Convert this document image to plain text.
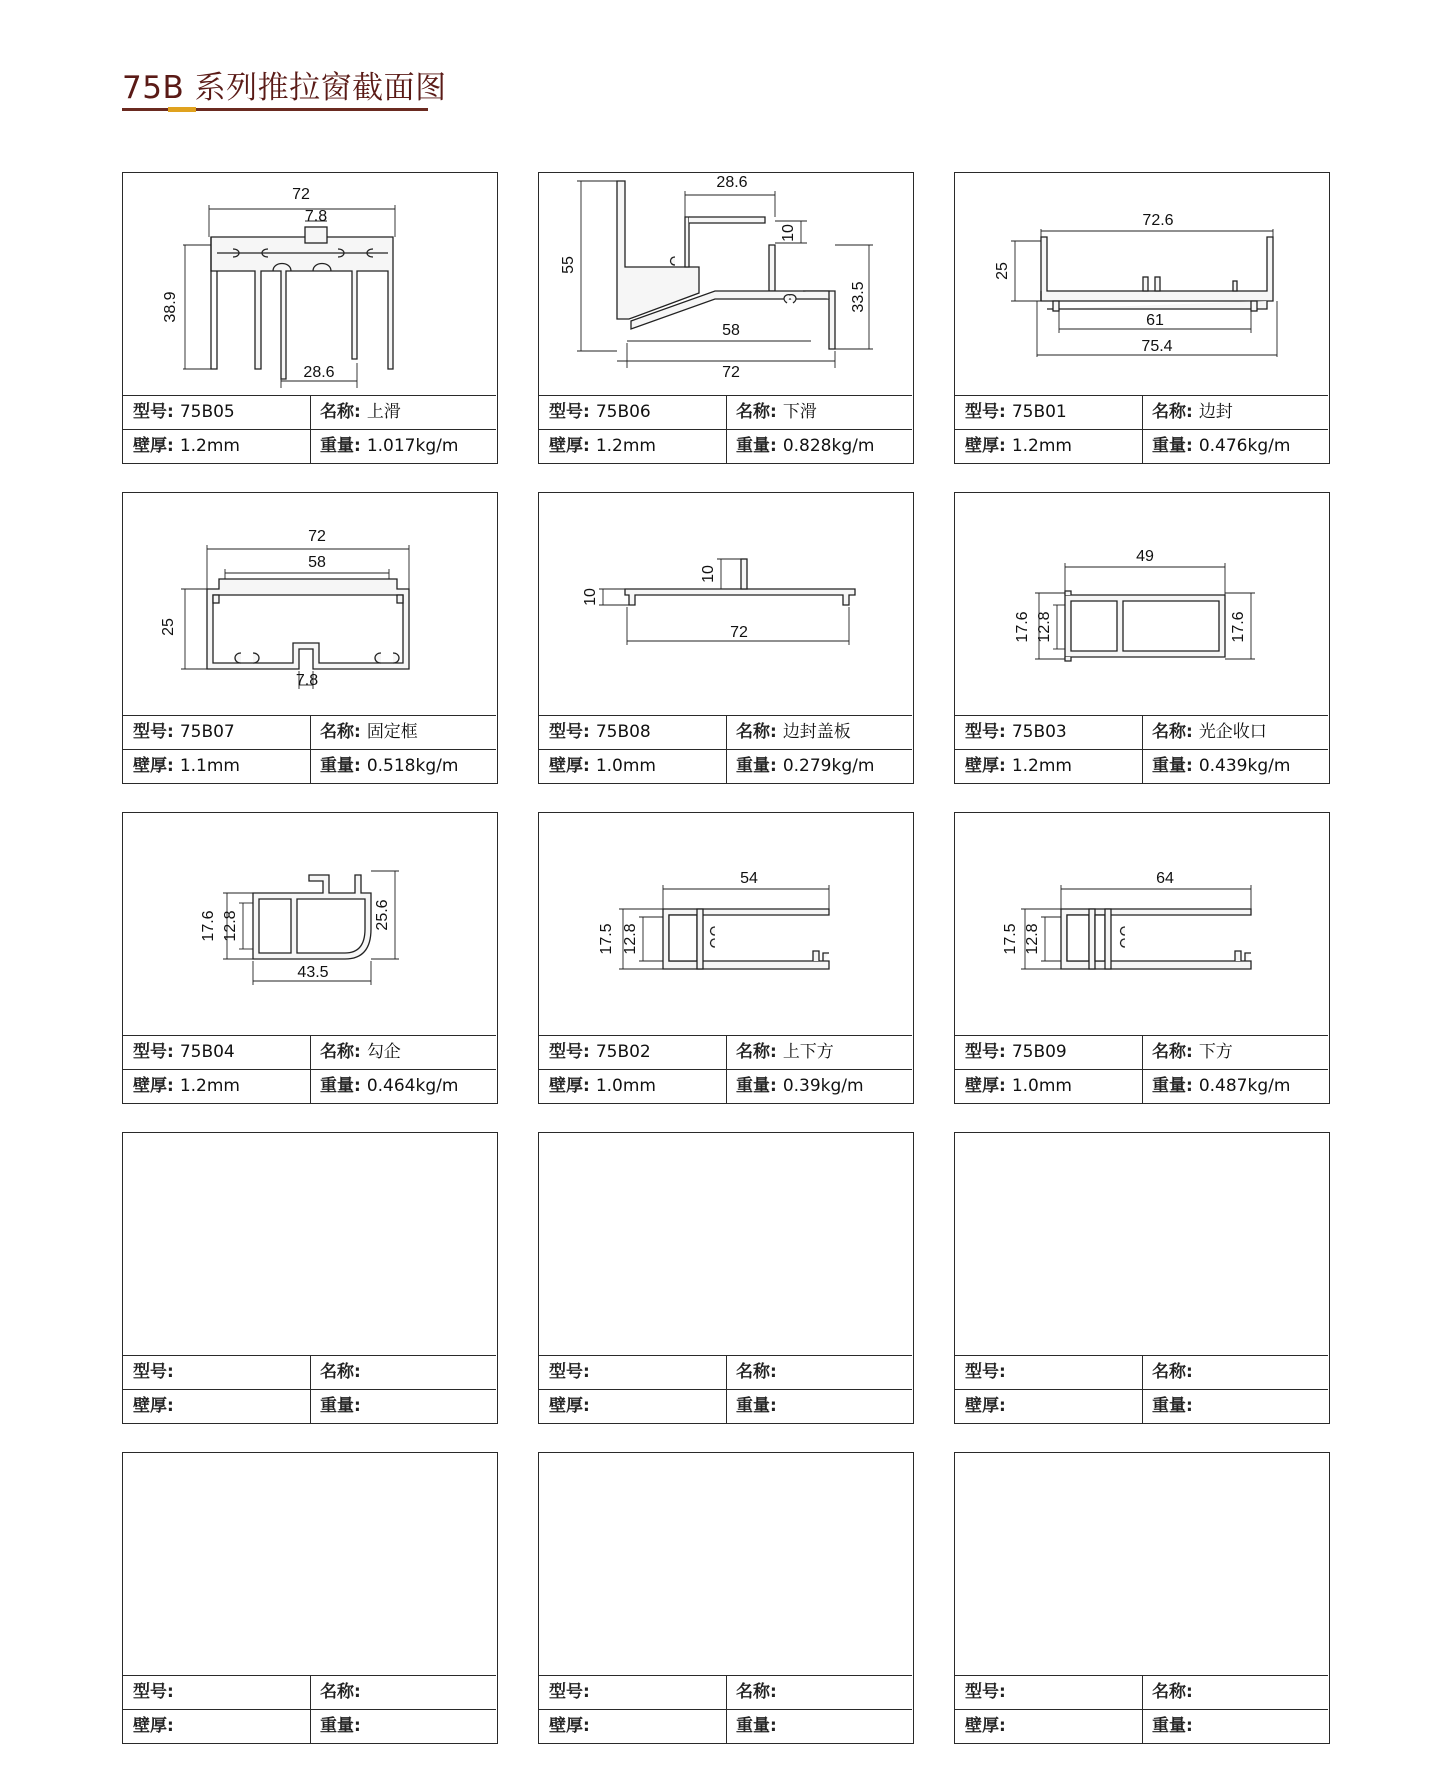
75B 系列推拉窗截面图
72
7.8
38.9
28.6
型号: 75B05	名称: 上滑
壁厚: 1.2mm	重量: 1.017kg/m
28.6
10
55
33.5
58
72
型号: 75B06	名称: 下滑
壁厚: 1.2mm	重量: 0.828kg/m
72.6
25
61
75.4
型号: 75B01	名称: 边封
壁厚: 1.2mm	重量: 0.476kg/m
72
58
25
7.8
型号: 75B07	名称: 固定框
壁厚: 1.1mm	重量: 0.518kg/m
10
10
72
型号: 75B08	名称: 边封盖板
壁厚: 1.0mm	重量: 0.279kg/m
49
17.6 12.8	17.6
型号: 75B03	名称: 光企收口
壁厚: 1.2mm	重量: 0.439kg/m
17.6 12.8	25.6
43.5
型号: 75B04	名称: 勾企
壁厚: 1.2mm	重量: 0.464kg/m
54
17.5 12.8
型号: 75B02	名称: 上下方
壁厚: 1.0mm	重量: 0.39kg/m
64
17.5 12.8
型号: 75B09	名称: 下方
壁厚: 1.0mm	重量: 0.487kg/m
型号:	名称:
壁厚:	重量:
型号:	名称:
壁厚:	重量:
型号:	名称:
壁厚:	重量:
型号:	名称:
壁厚:	重量:
型号:	名称:
壁厚:	重量:
型号:	名称:
壁厚:	重量:
